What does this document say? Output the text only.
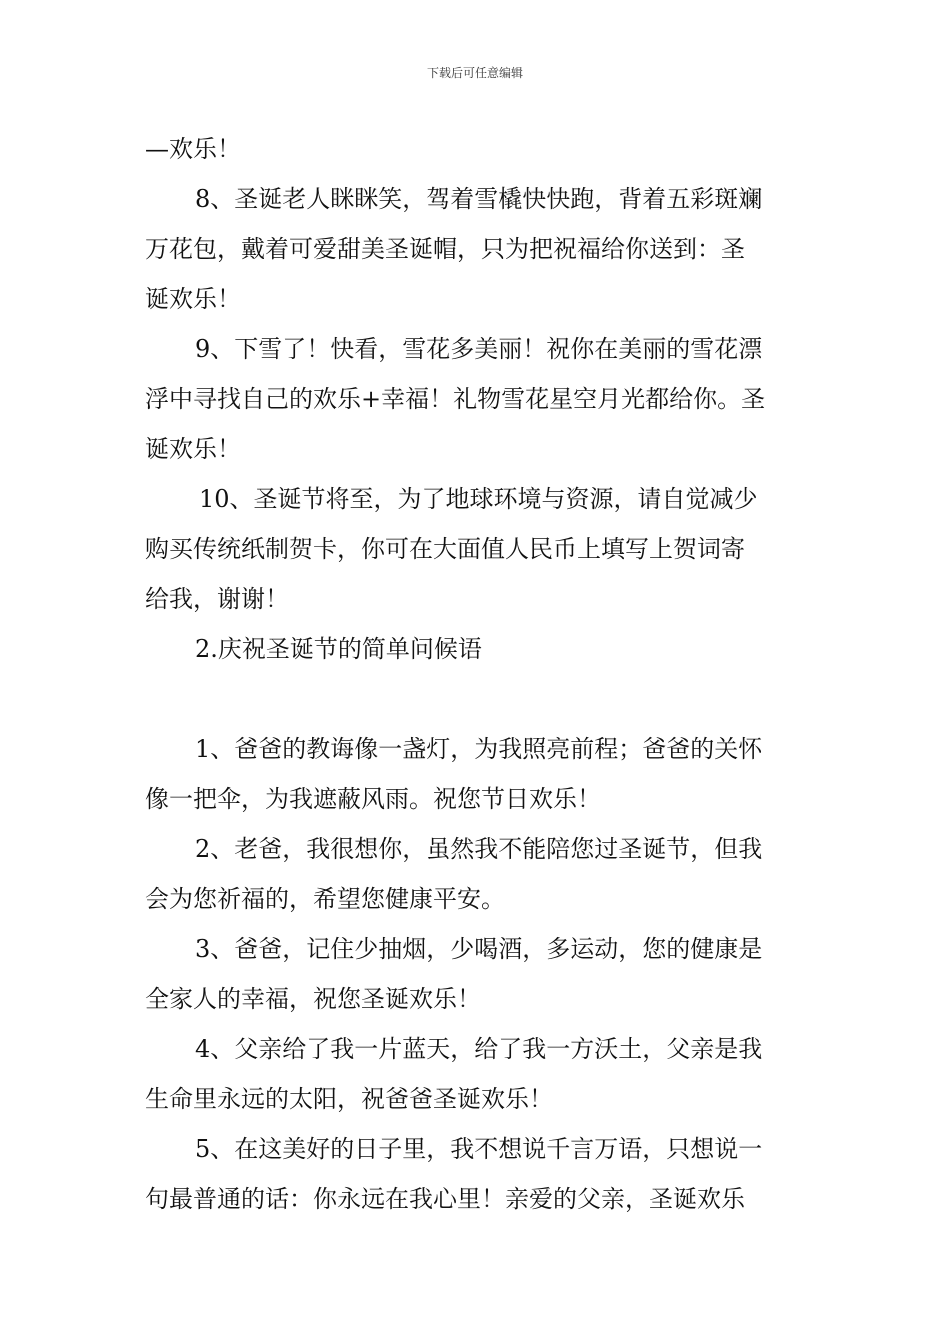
下载后可任意编辑
—欢乐！
8、圣诞老人眯眯笑，驾着雪橇快快跑，背着五彩斑斓
万花包，戴着可爱甜美圣诞帽，只为把祝福给你送到：圣
诞欢乐！
9、下雪了！快看，雪花多美丽！祝你在美丽的雪花漂
浮中寻找自己的欢乐+幸福！礼物雪花星空月光都给你。圣
诞欢乐！
10、圣诞节将至，为了地球环境与资源，请自觉减少
购买传统纸制贺卡，你可在大面值人民币上填写上贺词寄
给我，谢谢！
2.庆祝圣诞节的简单问候语
1、爸爸的教诲像一盏灯，为我照亮前程；爸爸的关怀
像一把伞，为我遮蔽风雨。祝您节日欢乐！
2、老爸，我很想你，虽然我不能陪您过圣诞节，但我
会为您祈福的，希望您健康平安。
3、爸爸，记住少抽烟，少喝酒，多运动，您的健康是
全家人的幸福，祝您圣诞欢乐！
4、父亲给了我一片蓝天，给了我一方沃土，父亲是我
生命里永远的太阳，祝爸爸圣诞欢乐！
5、在这美好的日子里，我不想说千言万语，只想说一
句最普通的话：你永远在我心里！亲爱的父亲，圣诞欢乐
